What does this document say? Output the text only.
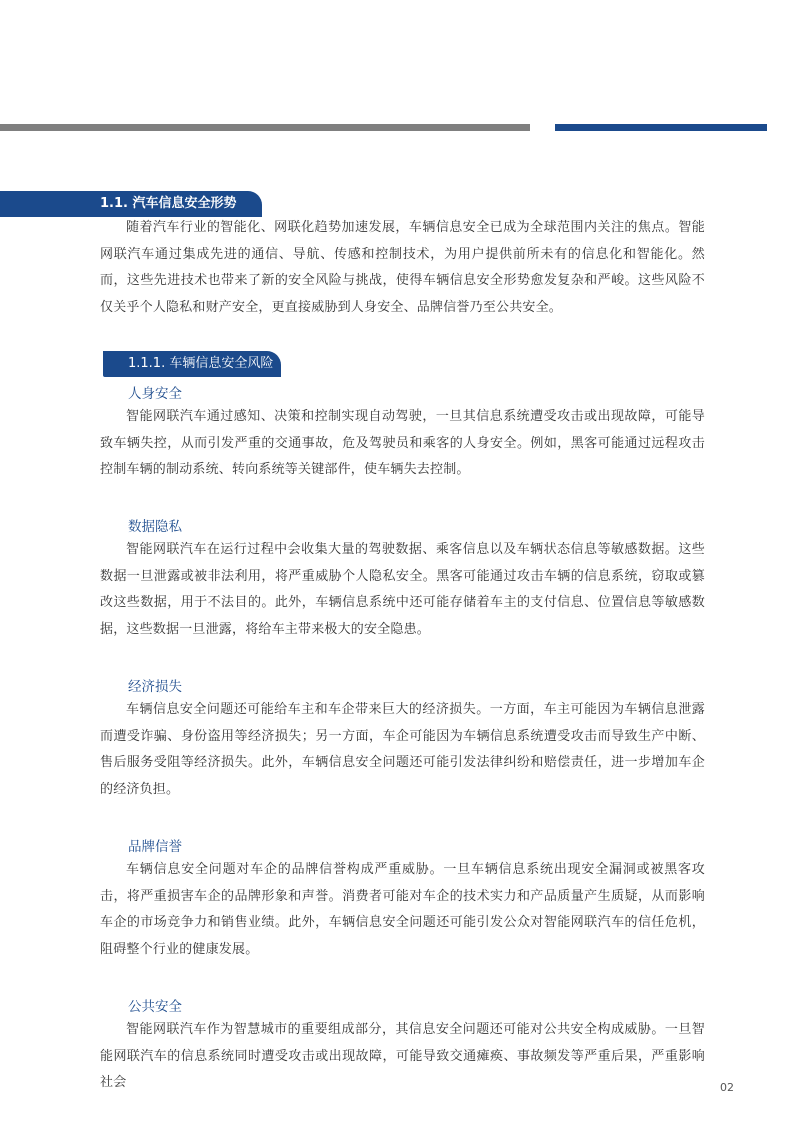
1.1. 汽车信息安全形势

随着汽车行业的智能化、网联化趋势加速发展，车辆信息安全已成为全球范围内关注的焦点。智能网联汽车通过集成先进的通信、导航、传感和控制技术，为用户提供前所未有的信息化和智能化。然而，这些先进技术也带来了新的安全风险与挑战，使得车辆信息安全形势愈发复杂和严峻。这些风险不仅关乎个人隐私和财产安全，更直接威胁到人身安全、品牌信誉乃至公共安全。

1.1.1. 车辆信息安全风险
人身安全

智能网联汽车通过感知、决策和控制实现自动驾驶，一旦其信息系统遭受攻击或出现故障，可能导致车辆失控，从而引发严重的交通事故，危及驾驶员和乘客的人身安全。例如，黑客可能通过远程攻击控制车辆的制动系统、转向系统等关键部件，使车辆失去控制。

数据隐私

智能网联汽车在运行过程中会收集大量的驾驶数据、乘客信息以及车辆状态信息等敏感数据。这些数据一旦泄露或被非法利用，将严重威胁个人隐私安全。黑客可能通过攻击车辆的信息系统，窃取或篡改这些数据，用于不法目的。此外，车辆信息系统中还可能存储着车主的支付信息、位置信息等敏感数据，这些数据一旦泄露，将给车主带来极大的安全隐患。

经济损失

车辆信息安全问题还可能给车主和车企带来巨大的经济损失。一方面，车主可能因为车辆信息泄露而遭受诈骗、身份盗用等经济损失；另一方面，车企可能因为车辆信息系统遭受攻击而导致生产中断、售后服务受阻等经济损失。此外，车辆信息安全问题还可能引发法律纠纷和赔偿责任，进一步增加车企的经济负担。

品牌信誉

车辆信息安全问题对车企的品牌信誉构成严重威胁。一旦车辆信息系统出现安全漏洞或被黑客攻击，将严重损害车企的品牌形象和声誉。消费者可能对车企的技术实力和产品质量产生质疑，从而影响车企的市场竞争力和销售业绩。此外，车辆信息安全问题还可能引发公众对智能网联汽车的信任危机，阻碍整个行业的健康发展。

公共安全

智能网联汽车作为智慧城市的重要组成部分，其信息安全问题还可能对公共安全构成威胁。一旦智能网联汽车的信息系统同时遭受攻击或出现故障，可能导致交通瘫痪、事故频发等严重后果，严重影响社会	02
